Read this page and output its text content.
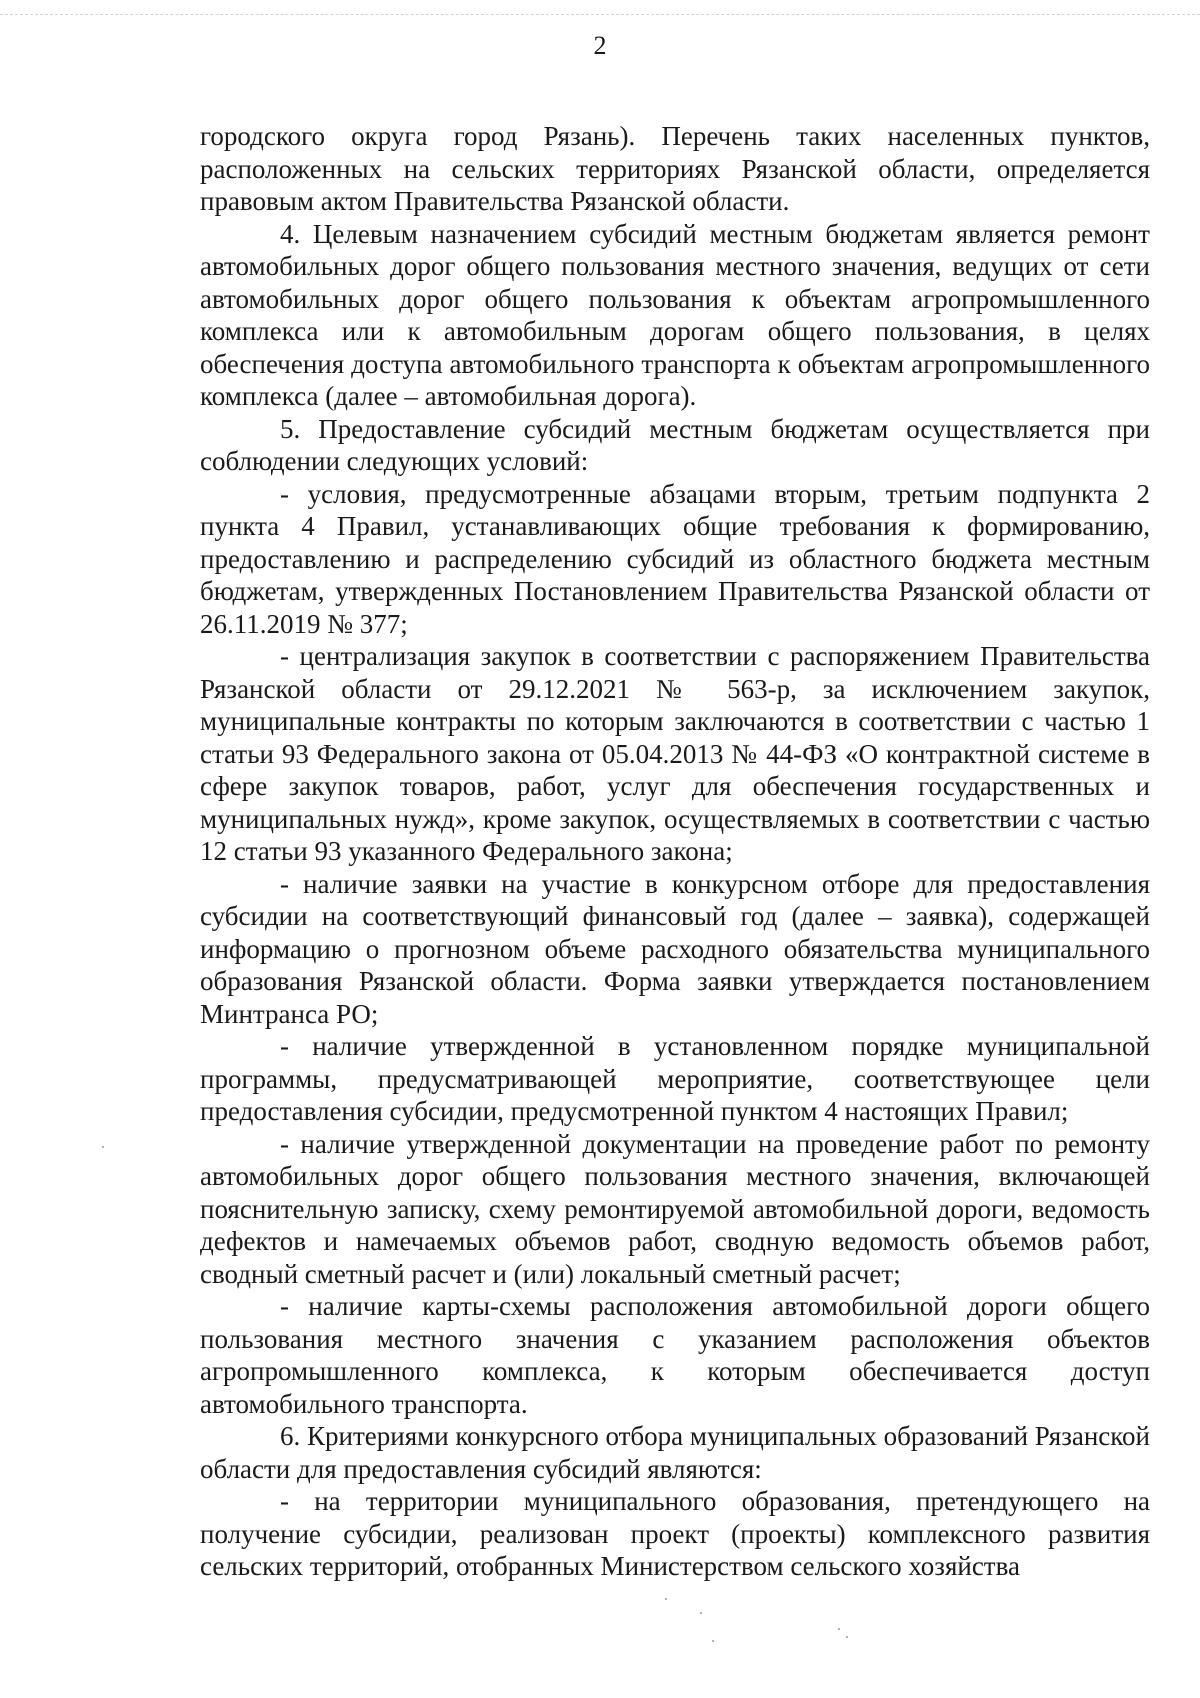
2

городского округа город Рязань). Перечень таких населенных пунктов, расположенных на сельских территориях Рязанской области, определяется правовым актом Правительства Рязанской области.

4. Целевым назначением субсидий местным бюджетам является ремонт автомобильных дорог общего пользования местного значения, ведущих от сети автомобильных дорог общего пользования к объектам агропромышленного комплекса или к автомобильным дорогам общего пользования, в целях обеспечения доступа автомобильного транспорта к объектам агропромышленного комплекса (далее – автомобильная дорога).

5. Предоставление субсидий местным бюджетам осуществляется при соблюдении следующих условий:

- условия, предусмотренные абзацами вторым, третьим подпункта 2 пункта 4 Правил, устанавливающих общие требования к формированию, предоставлению и распределению субсидий из областного бюджета местным бюджетам, утвержденных Постановлением Правительства Рязанской области от 26.11.2019 № 377;

- централизация закупок в соответствии с распоряжением Правительства Рязанской области от 29.12.2021 № 563-р, за исключением закупок, муниципальные контракты по которым заключаются в соответствии с частью 1 статьи 93 Федерального закона от 05.04.2013 № 44-ФЗ «О контрактной системе в сфере закупок товаров, работ, услуг для обеспечения государственных и муниципальных нужд», кроме закупок, осуществляемых в соответствии с частью 12 статьи 93 указанного Федерального закона;

- наличие заявки на участие в конкурсном отборе для предоставления субсидии на соответствующий финансовый год (далее – заявка), содержащей информацию о прогнозном объеме расходного обязательства муниципального образования Рязанской области. Форма заявки утверждается постановлением Минтранса РО;

- наличие утвержденной в установленном порядке муниципальной программы, предусматривающей мероприятие, соответствующее цели предоставления субсидии, предусмотренной пунктом 4 настоящих Правил;

- наличие утвержденной документации на проведение работ по ремонту автомобильных дорог общего пользования местного значения, включающей пояснительную записку, схему ремонтируемой автомобильной дороги, ведомость дефектов и намечаемых объемов работ, сводную ведомость объемов работ, сводный сметный расчет и (или) локальный сметный расчет;

- наличие карты-схемы расположения автомобильной дороги общего пользования местного значения с указанием расположения объектов агропромышленного комплекса, к которым обеспечивается доступ автомобильного транспорта.

6. Критериями конкурсного отбора муниципальных образований Рязанской области для предоставления субсидий являются:

- на территории муниципального образования, претендующего на получение субсидии, реализован проект (проекты) комплексного развития сельских территорий, отобранных Министерством сельского хозяйства
